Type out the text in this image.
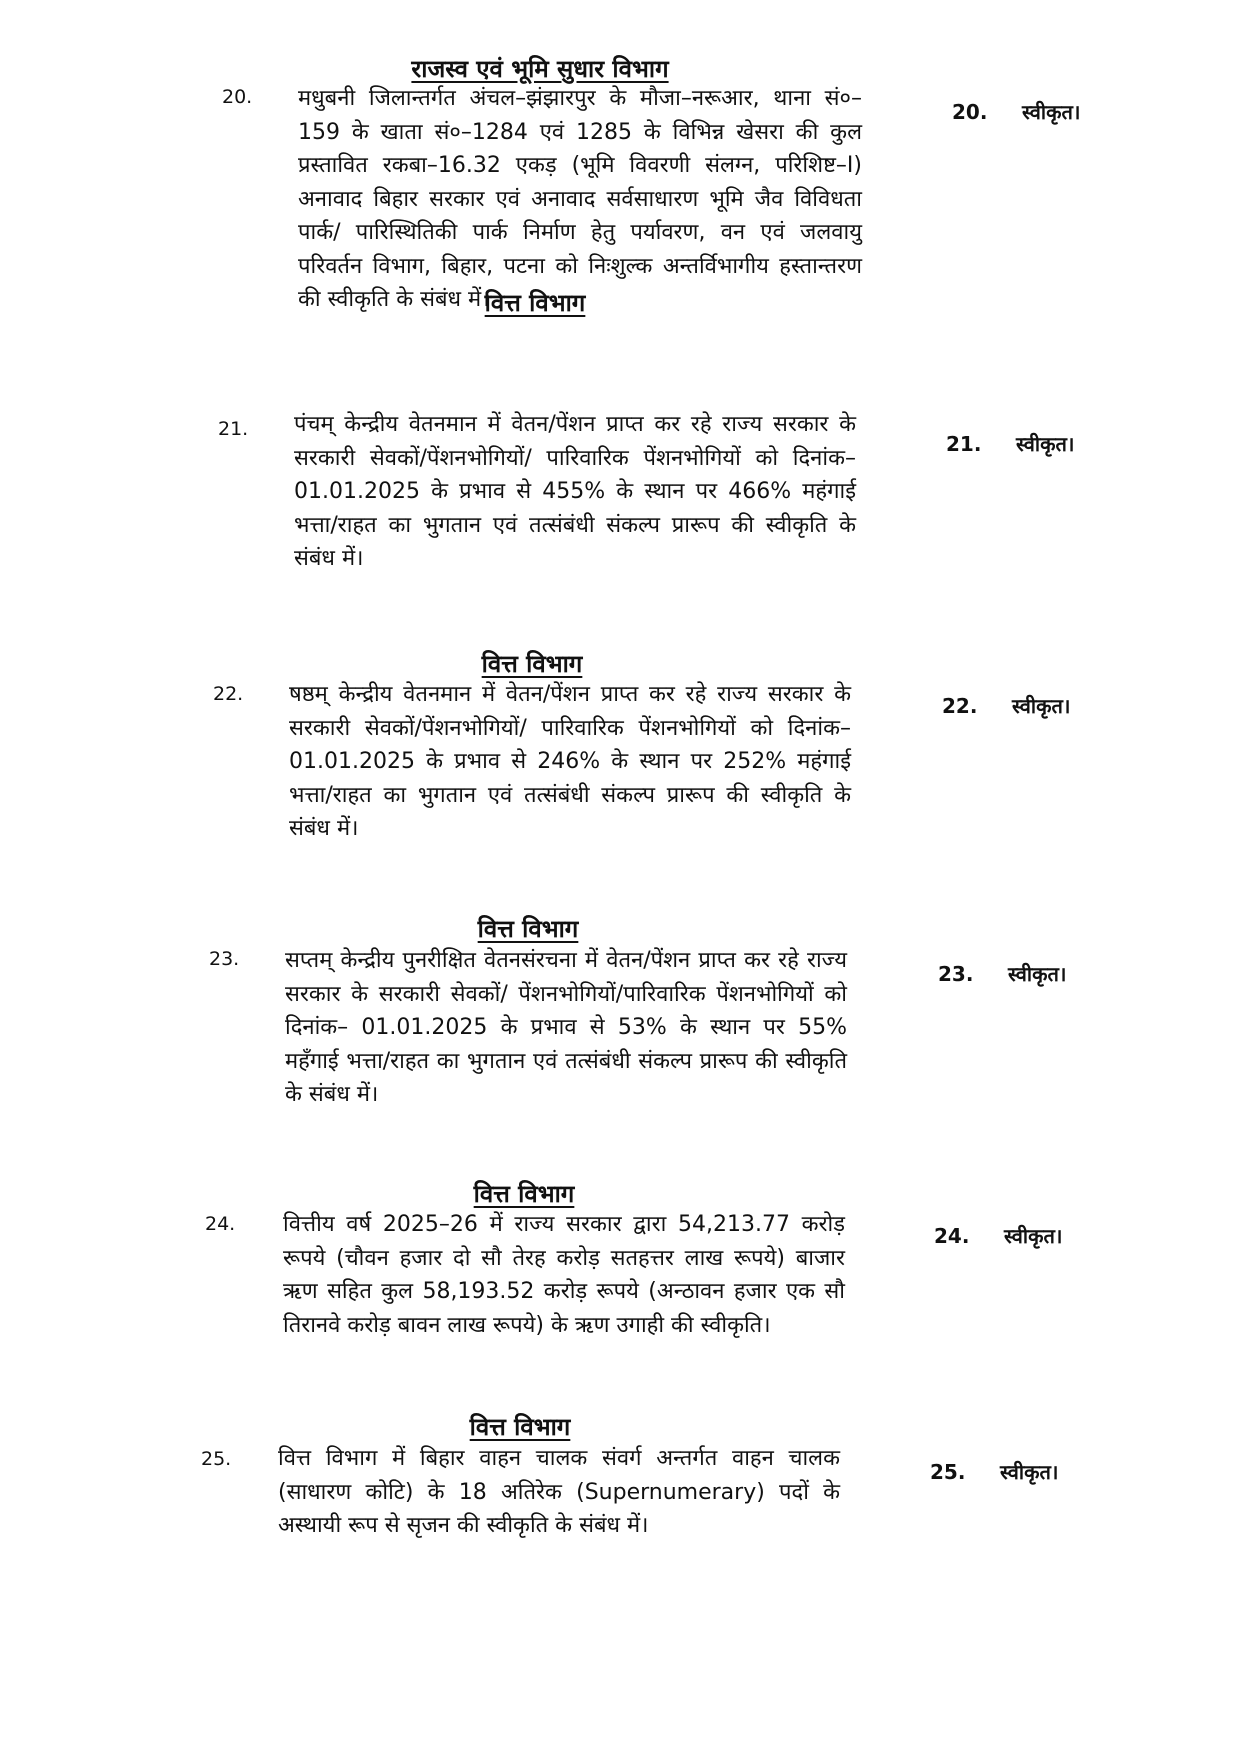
राजस्व एवं भूमि सुधार विभाग
20. मधुबनी जिलान्तर्गत अंचल–झंझारपुर के मौजा–नरूआर, थाना सं०–159 के खाता सं०–1284 एवं 1285 के विभिन्न खेसरा की कुल प्रस्तावित रकबा–16.32 एकड़ (भूमि विवरणी संलग्न, परिशिष्ट–I) अनावाद बिहार सरकार एवं अनावाद सर्वसाधारण भूमि जैव विविधता पार्क/ पारिस्थितिकी पार्क निर्माण हेतु पर्यावरण, वन एवं जलवायु परिवर्तन विभाग, बिहार, पटना को निःशुल्क अन्तर्विभागीय हस्तान्तरण की स्वीकृति के संबंध में।
20. स्वीकृत।
वित्त विभाग
21. पंचम् केन्द्रीय वेतनमान में वेतन/पेंशन प्राप्त कर रहे राज्य सरकार के सरकारी सेवकों/पेंशनभोगियों/ पारिवारिक पेंशनभोगियों को दिनांक–01.01.2025 के प्रभाव से 455% के स्थान पर 466% महंगाई भत्ता/राहत का भुगतान एवं तत्संबंधी संकल्प प्रारूप की स्वीकृति के संबंध में।
21. स्वीकृत।
वित्त विभाग
22. षष्ठम् केन्द्रीय वेतनमान में वेतन/पेंशन प्राप्त कर रहे राज्य सरकार के सरकारी सेवकों/पेंशनभोगियों/ पारिवारिक पेंशनभोगियों को दिनांक–01.01.2025 के प्रभाव से 246% के स्थान पर 252% महंगाई भत्ता/राहत का भुगतान एवं तत्संबंधी संकल्प प्रारूप की स्वीकृति के संबंध में।
22. स्वीकृत।
वित्त विभाग
23. सप्तम् केन्द्रीय पुनरीक्षित वेतनसंरचना में वेतन/पेंशन प्राप्त कर रहे राज्य सरकार के सरकारी सेवकों/ पेंशनभोगियों/पारिवारिक पेंशनभोगियों को दिनांक– 01.01.2025 के प्रभाव से 53% के स्थान पर 55% महँगाई भत्ता/राहत का भुगतान एवं तत्संबंधी संकल्प प्रारूप की स्वीकृति के संबंध में।
23. स्वीकृत।
वित्त विभाग
24. वित्तीय वर्ष 2025–26 में राज्य सरकार द्वारा 54,213.77 करोड़ रूपये (चौवन हजार दो सौ तेरह करोड़ सतहत्तर लाख रूपये) बाजार ऋण सहित कुल 58,193.52 करोड़ रूपये (अन्ठावन हजार एक सौ तिरानवे करोड़ बावन लाख रूपये) के ऋण उगाही की स्वीकृति।
24. स्वीकृत।
वित्त विभाग
25. वित्त विभाग में बिहार वाहन चालक संवर्ग अन्तर्गत वाहन चालक (साधारण कोटि) के 18 अतिरेक (Supernumerary) पदों के अस्थायी रूप से सृजन की स्वीकृति के संबंध में।
25. स्वीकृत।
